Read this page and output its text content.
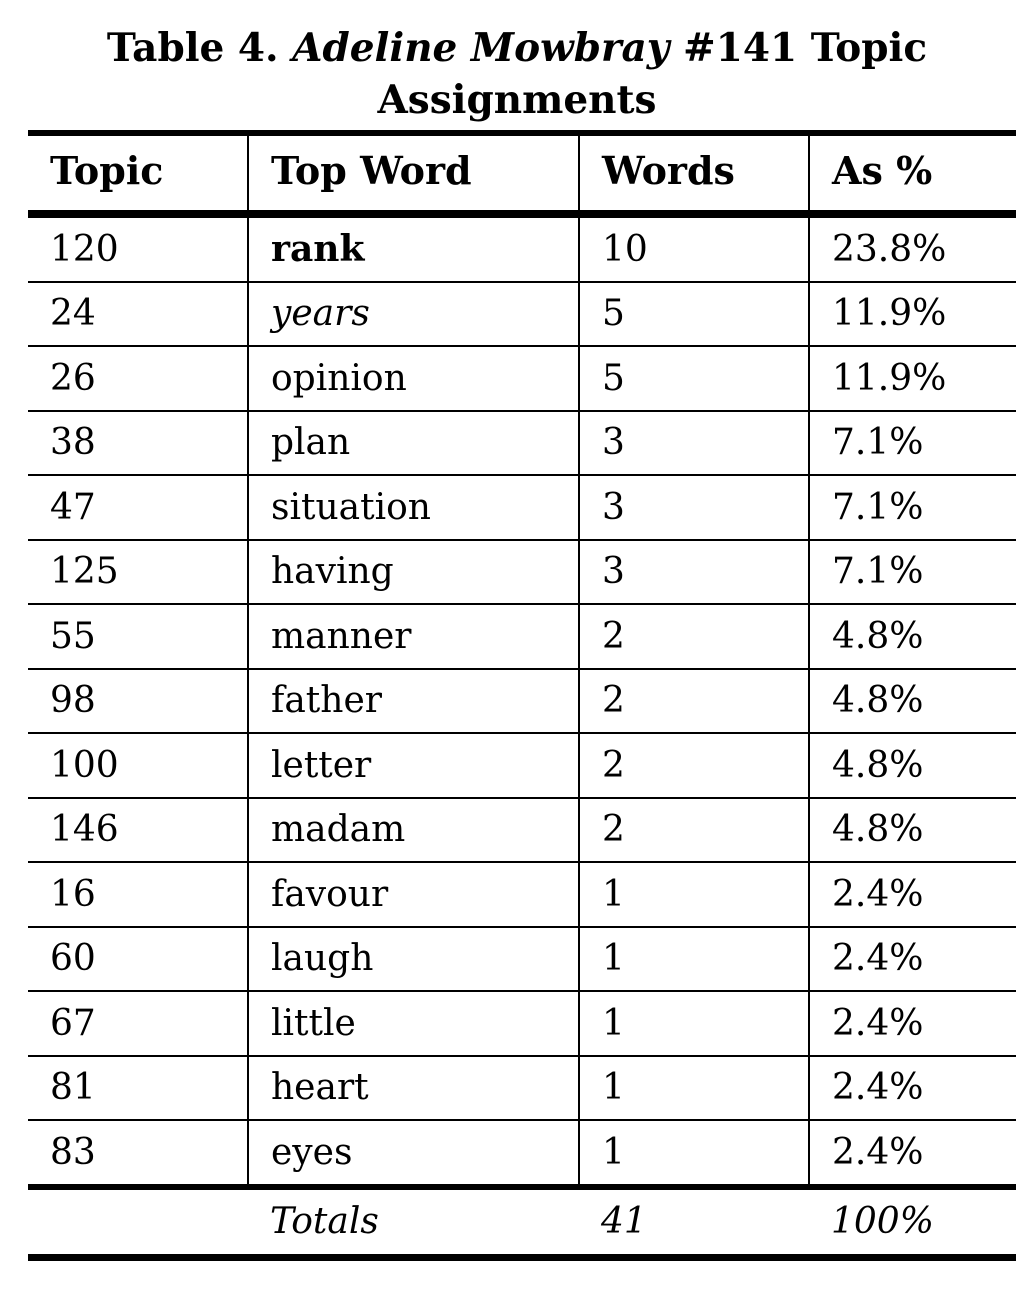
Table 4. Adeline Mowbray #141 Topic Assignments
Topic	Top Word	Words	As %
120	rank	10	23.8%
24	years	5	11.9%
26	opinion	5	11.9%
38	plan	3	7.1%
47	situation	3	7.1%
125	having	3	7.1%
55	manner	2	4.8%
98	father	2	4.8%
100	letter	2	4.8%
146	madam	2	4.8%
16	favour	1	2.4%
60	laugh	1	2.4%
67	little	1	2.4%
81	heart	1	2.4%
83	eyes	1	2.4%
	Totals	41	100%
